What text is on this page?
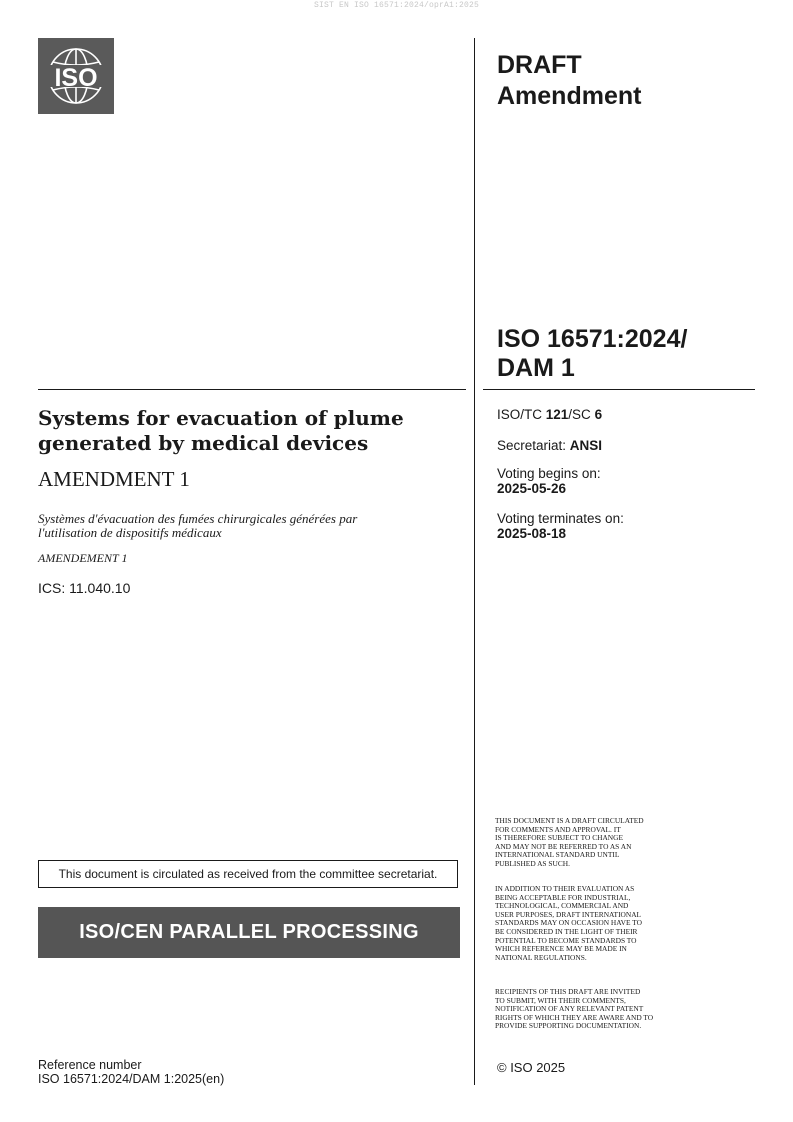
SIST EN ISO 16571:2024/oprA1:2025
ISO	DRAFT
Amendment
ISO 16571:2024/
DAM 1
Systems for evacuation of plume
generated by medical devices
AMENDMENT 1
Systèmes d'évacuation des fumées chirurgicales générées par
l'utilisation de dispositifs médicaux
AMENDEMENT 1
ICS: 11.040.10
ISO/TC 121/SC 6
Secretariat: ANSI
Voting begins on:
2025-05-26
Voting terminates on:
2025-08-18
This document is circulated as received from the committee secretariat.
ISO/CEN PARALLEL PROCESSING
Reference number
ISO 16571:2024/DAM 1:2025(en)
THIS DOCUMENT IS A DRAFT CIRCULATED
FOR COMMENTS AND APPROVAL. IT
IS THEREFORE SUBJECT TO CHANGE
AND MAY NOT BE REFERRED TO AS AN
INTERNATIONAL STANDARD UNTIL
PUBLISHED AS SUCH.
IN ADDITION TO THEIR EVALUATION AS
BEING ACCEPTABLE FOR INDUSTRIAL,
TECHNOLOGICAL, COMMERCIAL AND
USER PURPOSES, DRAFT INTERNATIONAL
STANDARDS MAY ON OCCASION HAVE TO
BE CONSIDERED IN THE LIGHT OF THEIR
POTENTIAL TO BECOME STANDARDS TO
WHICH REFERENCE MAY BE MADE IN
NATIONAL REGULATIONS.
RECIPIENTS OF THIS DRAFT ARE INVITED
TO SUBMIT, WITH THEIR COMMENTS,
NOTIFICATION OF ANY RELEVANT PATENT
RIGHTS OF WHICH THEY ARE AWARE AND TO
PROVIDE SUPPORTING DOCUMENTATION.
© ISO 2025
